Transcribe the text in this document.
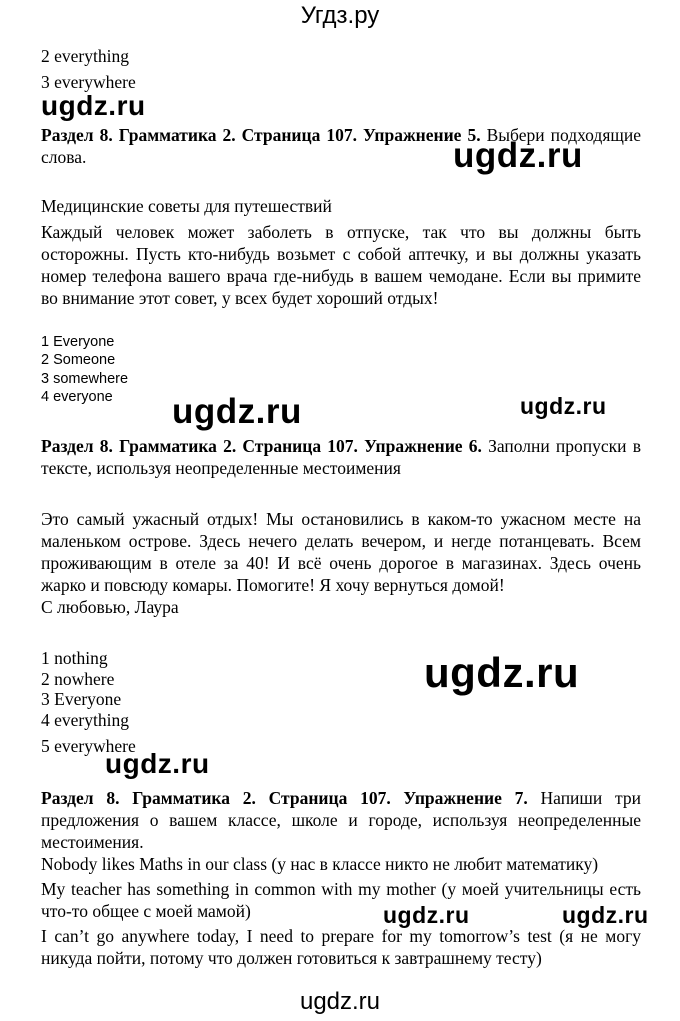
Угдз.ру
2 everything
3 everywhere
ugdz.ru
ugdz.ru
ugdz.ru	ugdz.ru
ugdz.ru
ugdz.ru
ugdz.ru	ugdz.ru
Раздел 8. Грамматика 2. Страница 107. Упражнение 5. Выбери подходящие слова.
Медицинские советы для путешествий
Каждый человек может заболеть в отпуске, так что вы должны быть осторожны. Пусть кто-нибудь возьмет с собой аптечку, и вы должны указать номер телефона вашего врача где-нибудь в вашем чемодане. Если вы примите во внимание этот совет, у всех будет хороший отдых!
1 Everyone
2 Someone
3 somewhere
4 everyone
Раздел 8. Грамматика 2. Страница 107. Упражнение 6. Заполни пропуски в тексте, используя неопределенные местоимения
Это самый ужасный отдых! Мы остановились в каком-то ужасном месте на маленьком острове. Здесь нечего делать вечером, и негде потанцевать. Всем проживающим в отеле за 40! И всё очень дорогое в магазинах. Здесь очень жарко и повсюду комары. Помогите! Я хочу вернуться домой!
С любовью, Лаура
1 nothing
2 nowhere
3 Everyone
4 everything
5 everywhere
Раздел 8. Грамматика 2. Страница 107. Упражнение 7. Напиши три предложения о вашем классе, школе и городе, используя неопределенные местоимения.
Nobody likes Maths in our class (у нас в классе никто не любит математику)
My teacher has something in common with my mother (у моей учительницы есть что-то общее с моей мамой)
I can’t go anywhere today, I need to prepare for my tomorrow’s test (я не могу никуда пойти, потому что должен готовиться к завтрашнему тесту)
ugdz.ru
